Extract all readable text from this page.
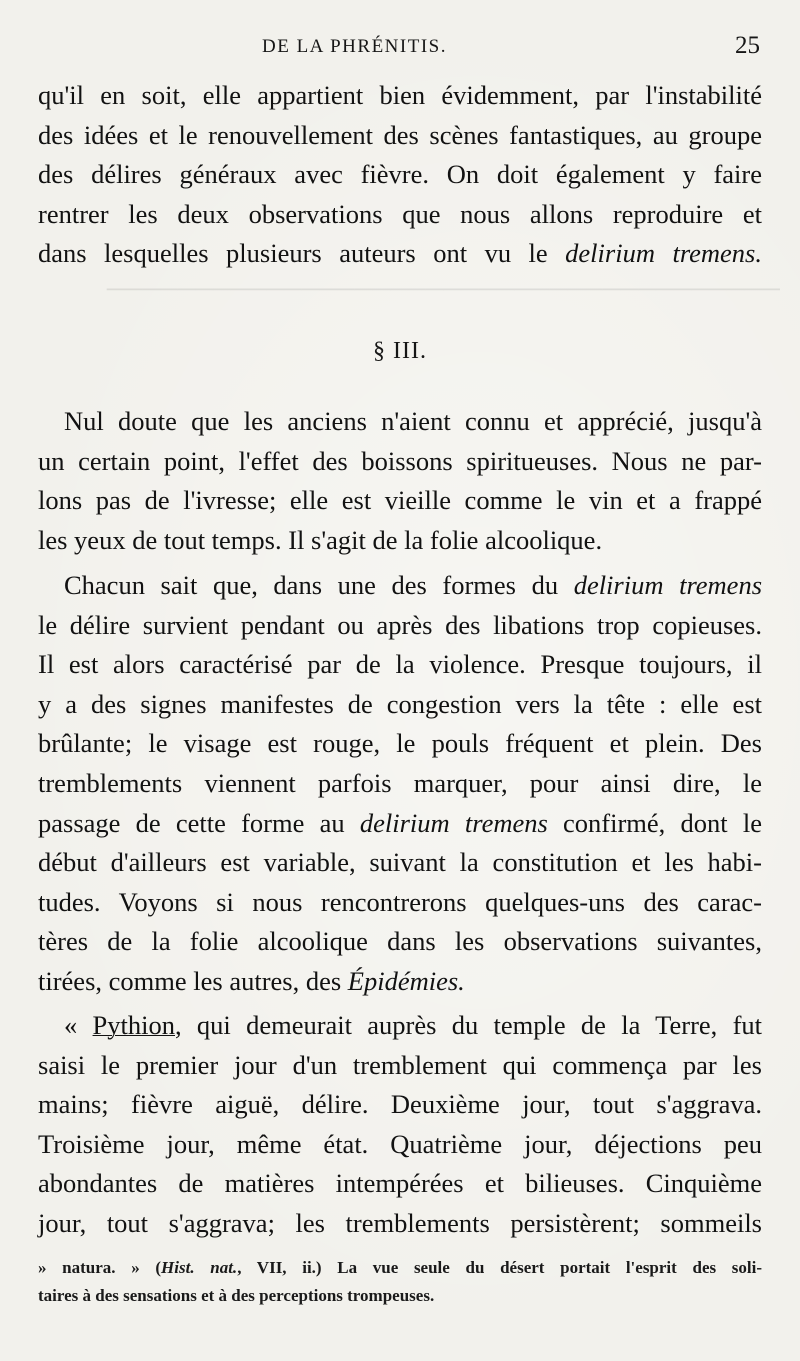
──────────────────────────────────────
DE LA PHRÉNITIS.	25
qu'il en soit, elle appartient bien évidemment, par l'instabilité
des idées et le renouvellement des scènes fantastiques, au groupe
des délires généraux avec fièvre. On doit également y faire
rentrer les deux observations que nous allons reproduire et
dans lesquelles plusieurs auteurs ont vu le delirium tremens.
§ III.
Nul doute que les anciens n'aient connu et apprécié, jusqu'à
un certain point, l'effet des boissons spiritueuses. Nous ne par-
lons pas de l'ivresse; elle est vieille comme le vin et a frappé
les yeux de tout temps. Il s'agit de la folie alcoolique.
Chacun sait que, dans une des formes du delirium tremens
le délire survient pendant ou après des libations trop copieuses.
Il est alors caractérisé par de la violence. Presque toujours, il
y a des signes manifestes de congestion vers la tête : elle est
brûlante; le visage est rouge, le pouls fréquent et plein. Des
tremblements viennent parfois marquer, pour ainsi dire, le
passage de cette forme au delirium tremens confirmé, dont le
début d'ailleurs est variable, suivant la constitution et les habi-
tudes. Voyons si nous rencontrerons quelques-uns des carac-
tères de la folie alcoolique dans les observations suivantes,
tirées, comme les autres, des Épidémies.
« Pythion, qui demeurait auprès du temple de la Terre, fut
saisi le premier jour d'un tremblement qui commença par les
mains; fièvre aiguë, délire. Deuxième jour, tout s'aggrava.
Troisième jour, même état. Quatrième jour, déjections peu
abondantes de matières intempérées et bilieuses. Cinquième
jour, tout s'aggrava; les tremblements persistèrent; sommeils
» natura. » (Hist. nat., VII, ii.) La vue seule du désert portait l'esprit des soli-
taires à des sensations et à des perceptions trompeuses.
